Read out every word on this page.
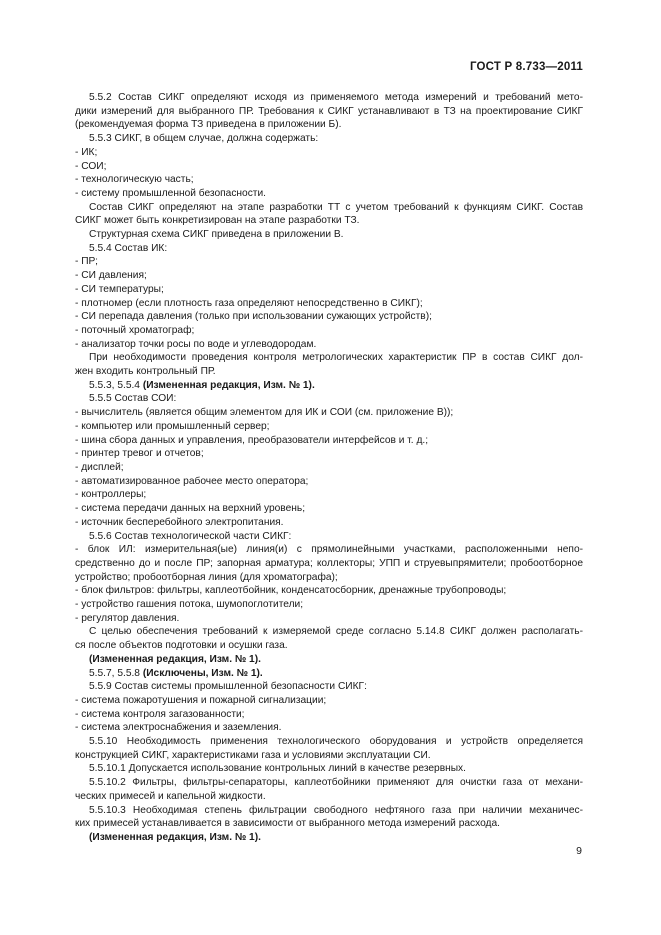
ГОСТ Р 8.733—2011
5.5.2 Состав СИКГ определяют исходя из применяемого метода измерений и требований мето-
дики измерений для выбранного ПР. Требования к СИКГ устанавливают в ТЗ на проектирование СИКГ
(рекомендуемая форма ТЗ приведена в приложении Б).
5.5.3 СИКГ, в общем случае, должна содержать:
- ИК;
- СОИ;
- технологическую часть;
- систему промышленной безопасности.
Состав СИКГ определяют на этапе разработки ТТ с учетом требований к функциям СИКГ. Состав
СИКГ может быть конкретизирован на этапе разработки ТЗ.
Структурная схема СИКГ приведена в приложении В.
5.5.4 Состав ИК:
- ПР;
- СИ давления;
- СИ температуры;
- плотномер (если плотность газа определяют непосредственно в СИКГ);
- СИ перепада давления (только при использовании сужающих устройств);
- поточный хроматограф;
- анализатор точки росы по воде и углеводородам.
При необходимости проведения контроля метрологических характеристик ПР в состав СИКГ дол-
жен входить контрольный ПР.
5.5.3, 5.5.4 (Измененная редакция, Изм. № 1).
5.5.5 Состав СОИ:
- вычислитель (является общим элементом для ИК и СОИ (см. приложение В));
- компьютер или промышленный сервер;
- шина сбора данных и управления, преобразователи интерфейсов и т. д.;
- принтер тревог и отчетов;
- дисплей;
- автоматизированное рабочее место оператора;
- контроллеры;
- система передачи данных на верхний уровень;
- источник бесперебойного электропитания.
5.5.6 Состав технологической части СИКГ:
- блок ИЛ: измерительная(ые) линия(и) с прямолинейными участками, расположенными непо-
средственно до и после ПР; запорная арматура; коллекторы; УПП и струевыпрямители; пробоотборное
устройство; пробоотборная линия (для хроматографа);
- блок фильтров: фильтры, каплеотбойник, конденсатосборник, дренажные трубопроводы;
- устройство гашения потока, шумопоглотители;
- регулятор давления.
С целью обеспечения требований к измеряемой среде согласно 5.14.8 СИКГ должен располагать-
ся после объектов подготовки и осушки газа.
(Измененная редакция, Изм. № 1).
5.5.7, 5.5.8 (Исключены, Изм. № 1).
5.5.9 Состав системы промышленной безопасности СИКГ:
- система пожаротушения и пожарной сигнализации;
- система контроля загазованности;
- система электроснабжения и заземления.
5.5.10 Необходимость применения технологического оборудования и устройств определяется
конструкцией СИКГ, характеристиками газа и условиями эксплуатации СИ.
5.5.10.1 Допускается использование контрольных линий в качестве резервных.
5.5.10.2 Фильтры, фильтры-сепараторы, каплеотбойники применяют для очистки газа от механи-
ческих примесей и капельной жидкости.
5.5.10.3 Необходимая степень фильтрации свободного нефтяного газа при наличии механичес-
ких примесей устанавливается в зависимости от выбранного метода измерений расхода.
(Измененная редакция, Изм. № 1).
9
